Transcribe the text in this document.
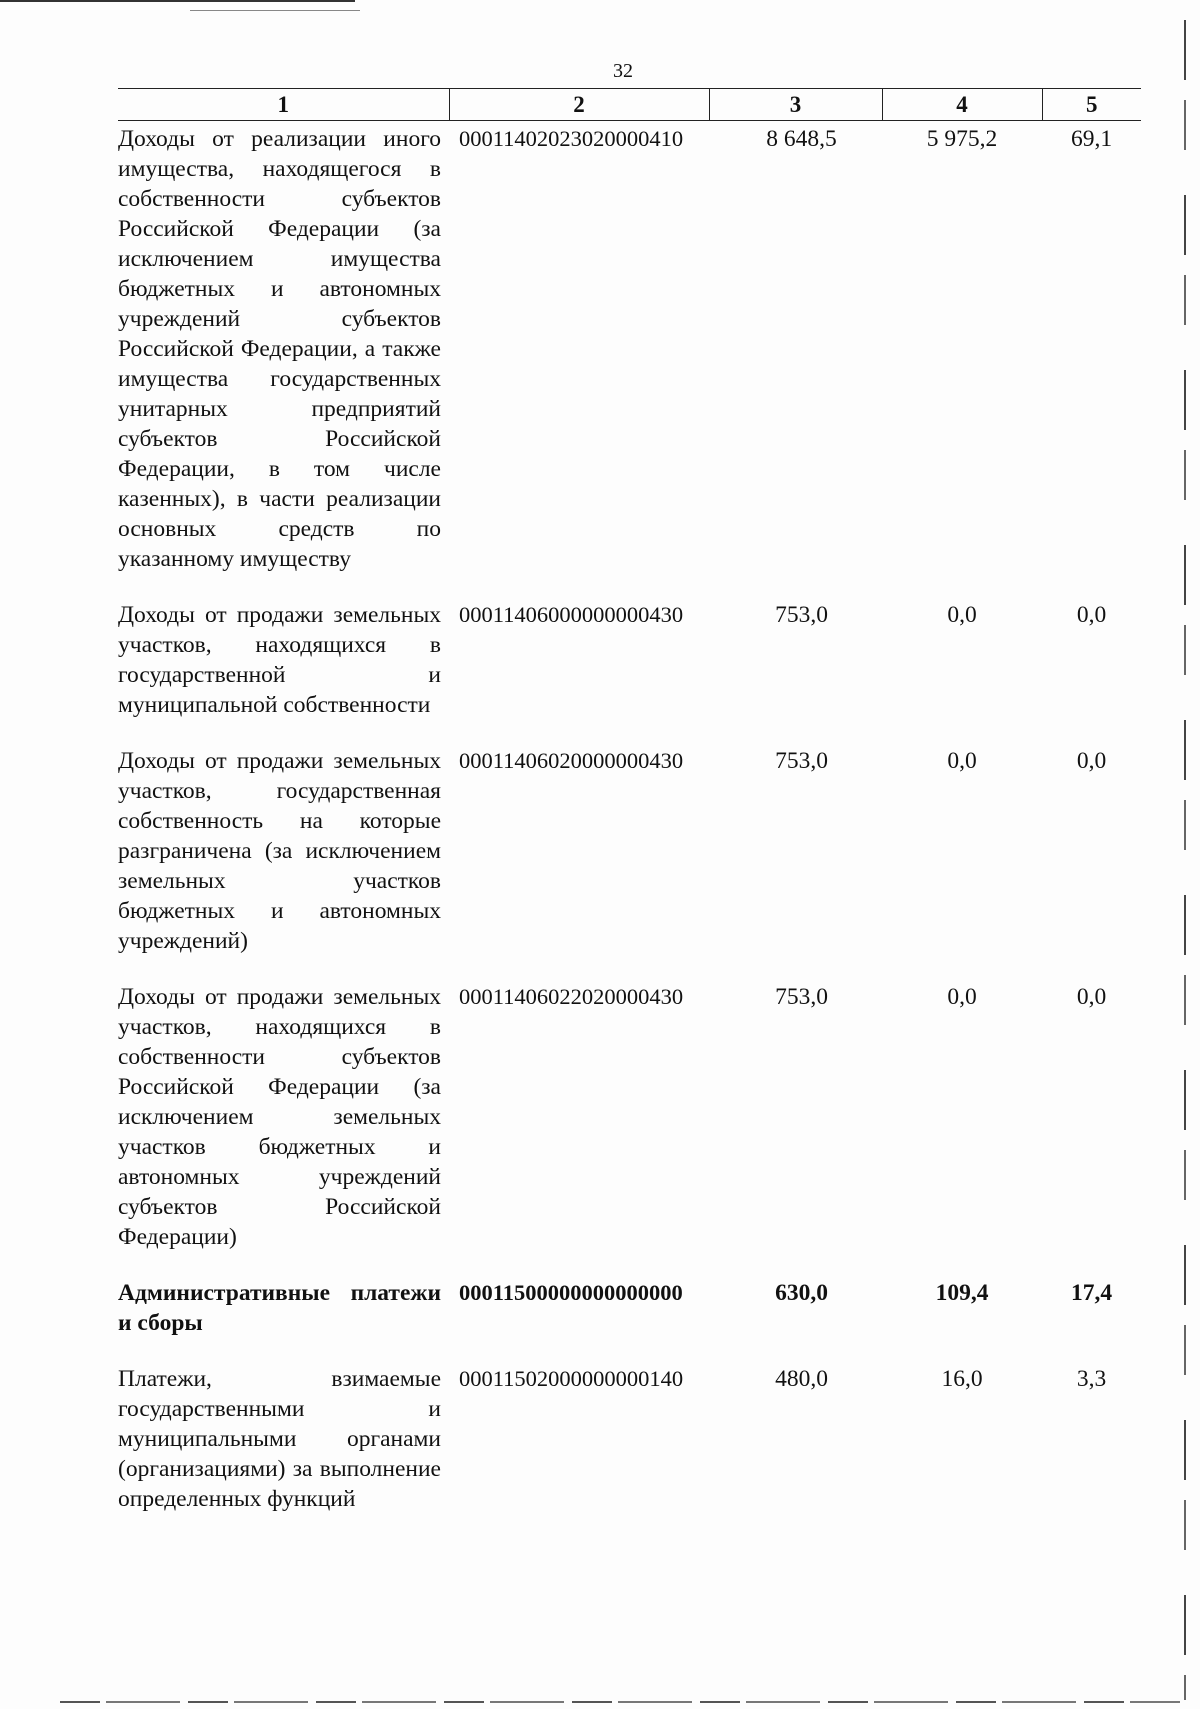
32
1	2	3	4	5
Доходы от реализации иного имущества, находящегося в собственности субъектов Российской Федерации (за исключением имущества бюджетных и автономных учреждений субъектов Российской Федерации, а также имущества государственных унитарных предприятий субъектов Российской Федерации, в том числе казенных), в части реализации основных средств по указанному имуществу	00011402023020000410	8 648,5	5 975,2	69,1
Доходы от продажи земельных участков, находящихся в государственной и муниципальной собственности	00011406000000000430	753,0	0,0	0,0
Доходы от продажи земельных участков, государственная собственность на которые разграничена (за исключением земельных участков бюджетных и автономных учреждений)	00011406020000000430	753,0	0,0	0,0
Доходы от продажи земельных участков, находящихся в собственности субъектов Российской Федерации (за исключением земельных участков бюджетных и автономных учреждений субъектов Российской Федерации)	00011406022020000430	753,0	0,0	0,0
Административные платежи и сборы	00011500000000000000	630,0	109,4	17,4
Платежи, взимаемые государственными и муниципальными органами (организациями) за выполнение определенных функций	00011502000000000140	480,0	16,0	3,3
